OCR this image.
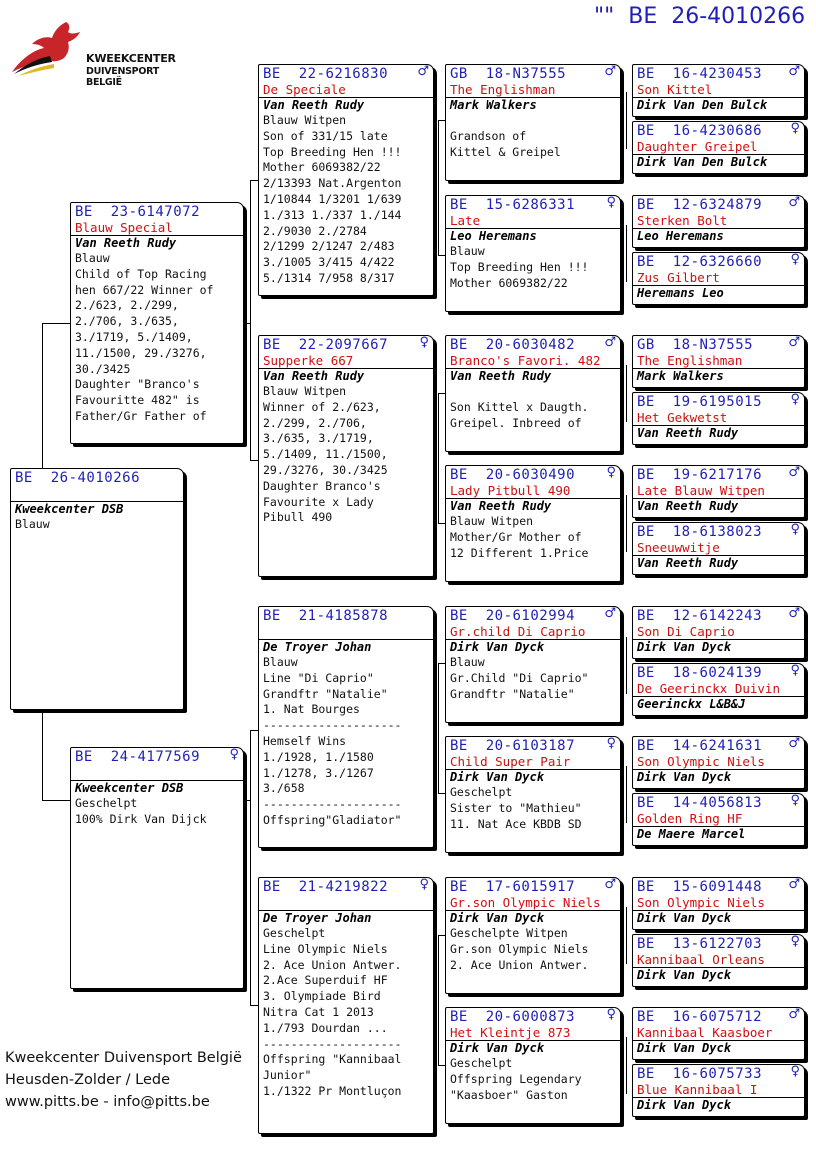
""  BE  26-4010266
KWEEKCENTER
DUIVENSPORT BELGIË
BE  26-4010266
Kweekcenter DSB
Blauw
BE  23-6147072
Blauw Special
Van Reeth Rudy
Blauw
Child of Top Racing
hen 667/22 Winner of
2./623, 2./299,
2./706, 3./635,
3./1719, 5./1409,
11./1500, 29./3276,
30./3425
Daughter "Branco's
Favouritte 482" is
Father/Gr Father of
BE  24-4177569	♀
Kweekcenter DSB
Geschelpt
100% Dirk Van Dijck
BE  22-6216830	♂
De Speciale
Van Reeth Rudy
Blauw Witpen
Son of 331/15 late
Top Breeding Hen !!!
Mother 6069382/22
2/13393 Nat.Argenton
1/10844 1/3201 1/639
1./313 1./337 1./144
2./9030 2./2784
2/1299 2/1247 2/483
3./1005 3/415 4/422
5./1314 7/958 8/317
BE  22-2097667	♀
Supperke 667
Van Reeth Rudy
Blauw Witpen
Winner of 2./623,
2./299, 2./706,
3./635, 3./1719,
5./1409, 11./1500,
29./3276, 30./3425
Daughter Branco's
Favourite x Lady
Pibull 490
BE  21-4185878
De Troyer Johan
Blauw
Line "Di Caprio"
Grandftr "Natalie"
1. Nat Bourges
--------------------
Hemself Wins
1./1928, 1./1580
1./1278, 3./1267
3./658
--------------------
Offspring"Gladiator"
BE  21-4219822	♀
De Troyer Johan
Geschelpt
Line Olympic Niels
2. Ace Union Antwer.
2.Ace Superduif HF
3. Olympiade Bird
Nitra Cat 1 2013
1./793 Dourdan ...
--------------------
Offspring "Kannibaal
Junior"
1./1322 Pr Montluçon
GB  18-N37555	♂
The Englishman
Mark Walkers

Grandson of
Kittel & Greipel
BE  15-6286331	♀
Late
Leo Heremans
Blauw
Top Breeding Hen !!!
Mother 6069382/22
BE  20-6030482	♂
Branco's Favori. 482
Van Reeth Rudy

Son Kittel x Daugth.
Greipel. Inbreed of
BE  20-6030490	♀
Lady Pitbull 490
Van Reeth Rudy
Blauw Witpen
Mother/Gr Mother of
12 Different 1.Price
BE  20-6102994	♂
Gr.child Di Caprio
Dirk Van Dyck
Blauw
Gr.Child "Di Caprio"
Grandftr "Natalie"
BE  20-6103187	♀
Child Super Pair
Dirk Van Dyck
Geschelpt
Sister to "Mathieu"
11. Nat Ace KBDB SD
BE  17-6015917	♂
Gr.son Olympic Niels
Dirk Van Dyck
Geschelpte Witpen
Gr.son Olympic Niels
2. Ace Union Antwer.
BE  20-6000873	♀
Het Kleintje 873
Dirk Van Dyck
Geschelpt
Offspring Legendary
"Kaasboer" Gaston
BE  16-4230453	♂
Son Kittel
Dirk Van Den Bulck
BE  16-4230686	♀
Daughter Greipel
Dirk Van Den Bulck
BE  12-6324879	♂
Sterken Bolt
Leo Heremans
BE  12-6326660	♀
Zus Gilbert
Heremans Leo
GB  18-N37555	♂
The Englishman
Mark Walkers
BE  19-6195015	♀
Het Gekwetst
Van Reeth Rudy
BE  19-6217176	♂
Late Blauw Witpen
Van Reeth Rudy
BE  18-6138023	♀
Sneeuwwitje
Van Reeth Rudy
BE  12-6142243	♂
Son Di Caprio
Dirk Van Dyck
BE  18-6024139	♀
De Geerinckx Duivin
Geerinckx L&B&J
BE  14-6241631	♂
Son Olympic Niels
Dirk Van Dyck
BE  14-4056813	♀
Golden Ring HF
De Maere Marcel
BE  15-6091448	♂
Son Olympic Niels
Dirk Van Dyck
BE  13-6122703	♀
Kannibaal Orleans
Dirk Van Dyck
BE  16-6075712	♂
Kannibaal Kaasboer
Dirk Van Dyck
BE  16-6075733	♀
Blue Kannibaal I
Dirk Van Dyck
Kweekcenter Duivensport België
Heusden-Zolder / Lede
www.pitts.be - info@pitts.be
